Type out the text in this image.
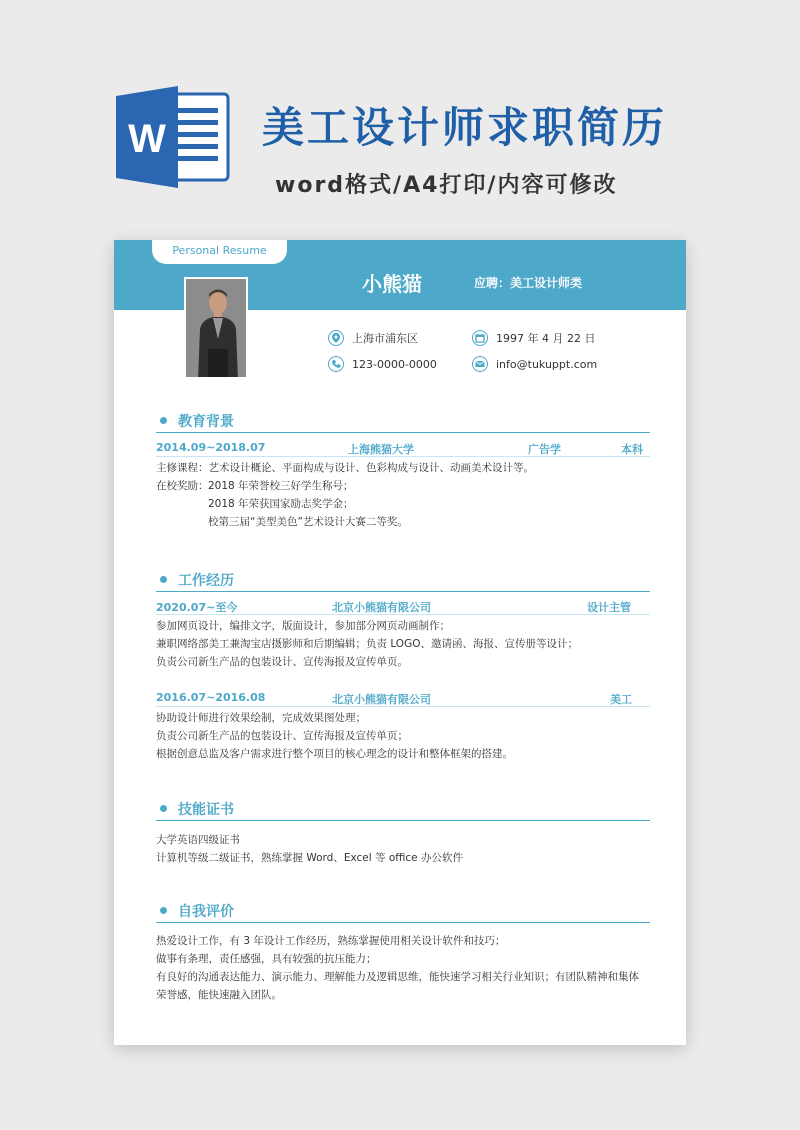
W 美工设计师求职简历
word格式/A4打印/内容可修改
Personal Resume
小熊猫	应聘：美工设计师类
上海市浦东区	1997 年 4 月 22 日
123-0000-0000	info@tukuppt.com
教育背景
2014.09~2018.07	上海熊猫大学	广告学	本科
主修课程：艺术设计概论、平面构成与设计、色彩构成与设计、动画美术设计等。
在校奖励： 2018 年荣誉校三好学生称号；
2018 年荣获国家励志奖学金；
校第三届“美型美色”艺术设计大赛二等奖。
工作经历
2020.07~至今	北京小熊猫有限公司	设计主管
参加网页设计，编排文字，版面设计，参加部分网页动画制作；
兼职网络部美工兼淘宝店摄影师和后期编辑；负责 LOGO、邀请函、海报、宣传册等设计；
负责公司新生产品的包装设计、宣传海报及宣传单页。
2016.07~2016.08	北京小熊猫有限公司	美工
协助设计师进行效果绘制，完成效果图处理；
负责公司新生产品的包装设计、宣传海报及宣传单页；
根据创意总监及客户需求进行整个项目的核心理念的设计和整体框架的搭建。
技能证书
大学英语四级证书
计算机等级二级证书，熟练掌握 Word、Excel 等 office 办公软件
自我评价
热爱设计工作，有 3 年设计工作经历，熟练掌握使用相关设计软件和技巧；
做事有条理，责任感强，具有较强的抗压能力；
有良好的沟通表达能力、演示能力、理解能力及逻辑思维，能快速学习相关行业知识；有团队精神和集体
荣誉感，能快速融入团队。
